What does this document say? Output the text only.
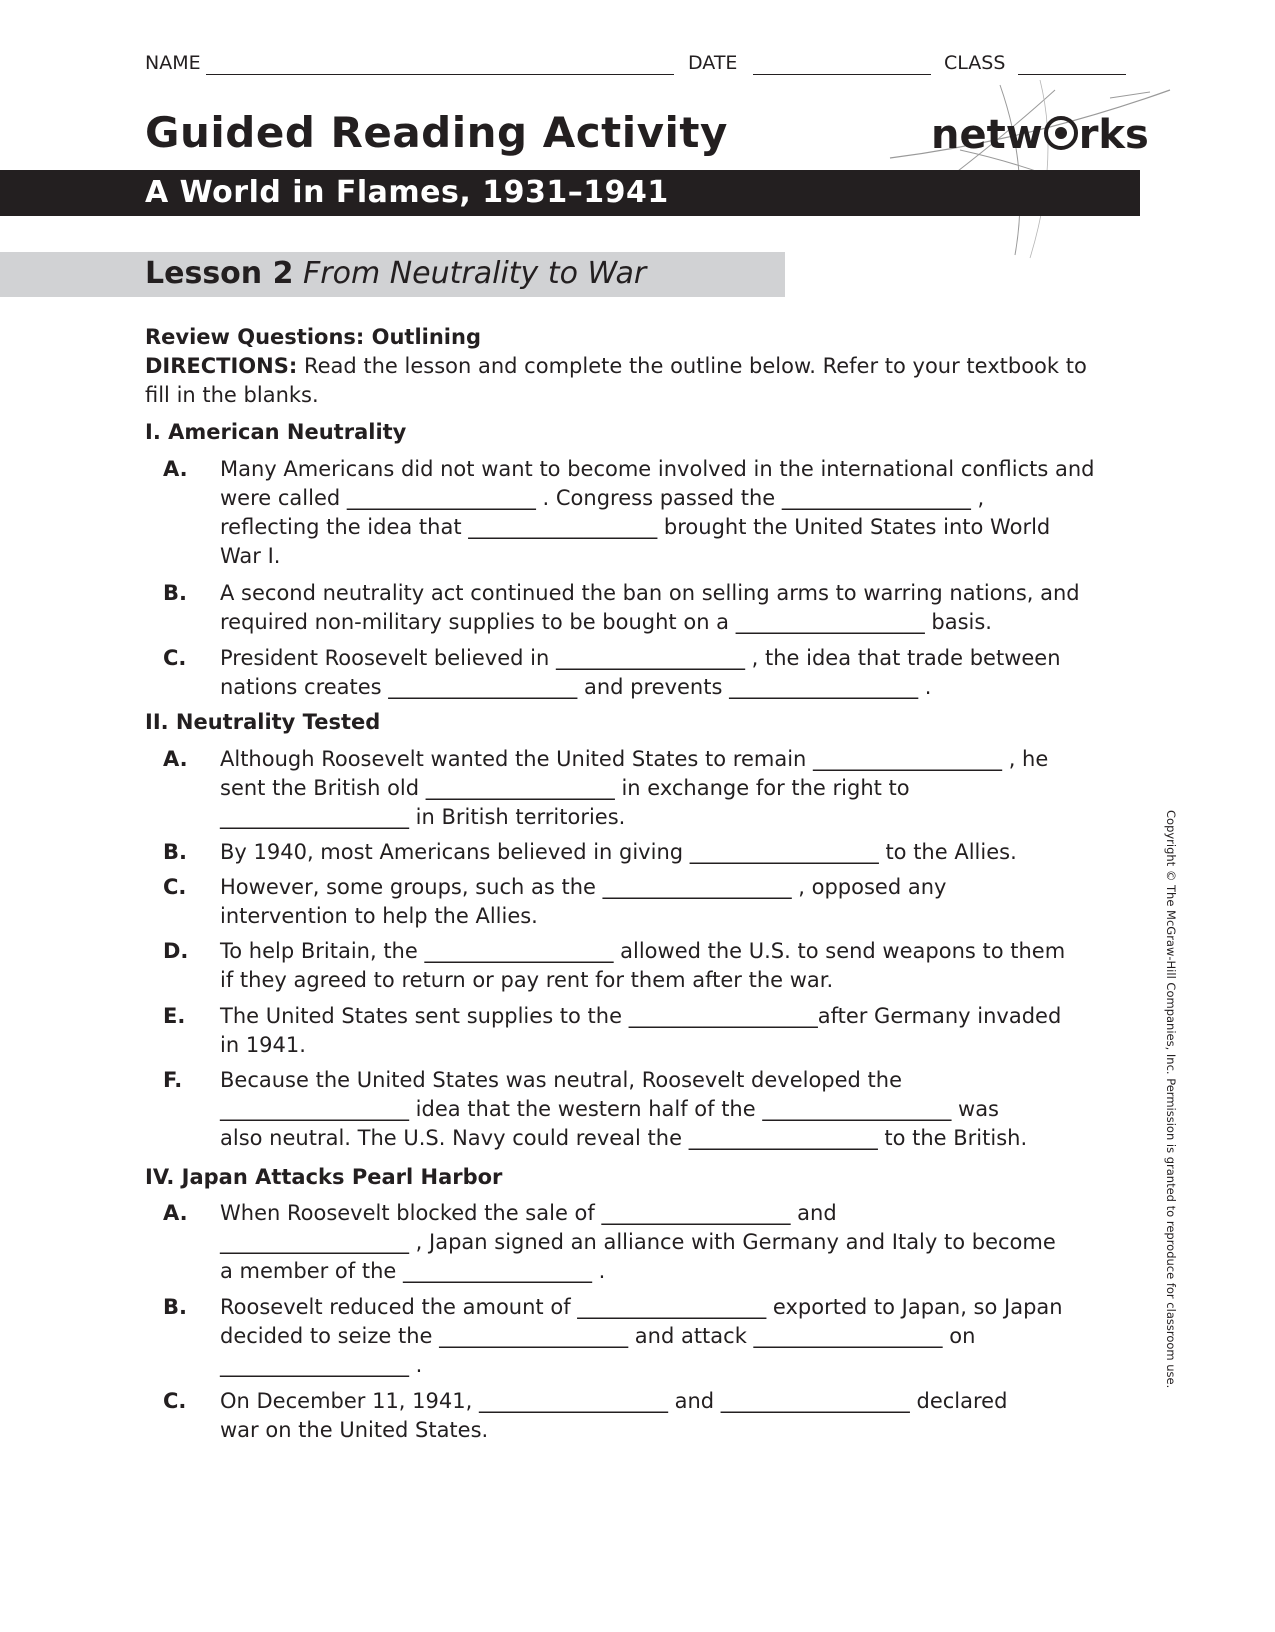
NAME	DATE	CLASS
Guided Reading Activity	netw rks
A World in Flames, 1931–1941
Lesson 2 From Neutrality to War
Review Questions: Outlining
DIRECTIONS: Read the lesson and complete the outline below. Refer to your textbook to
fill in the blanks.
I. American Neutrality
A. Many Americans did not want to become involved in the international conflicts and
were called __________________ . Congress passed the __________________ ,
reflecting the idea that __________________ brought the United States into World
War I.
B. A second neutrality act continued the ban on selling arms to warring nations, and
required non-military supplies to be bought on a __________________ basis.
C. President Roosevelt believed in __________________ , the idea that trade between
nations creates __________________ and prevents __________________ .
II. Neutrality Tested
A. Although Roosevelt wanted the United States to remain __________________ , he
sent the British old __________________ in exchange for the right to
__________________ in British territories.
B. By 1940, most Americans believed in giving __________________ to the Allies.
C. However, some groups, such as the __________________ , opposed any
intervention to help the Allies.
D. To help Britain, the __________________ allowed the U.S. to send weapons to them
if they agreed to return or pay rent for them after the war.
E. The United States sent supplies to the __________________after Germany invaded
in 1941.
F. Because the United States was neutral, Roosevelt developed the
__________________ idea that the western half of the __________________ was
also neutral. The U.S. Navy could reveal the __________________ to the British.
IV. Japan Attacks Pearl Harbor
A. When Roosevelt blocked the sale of __________________ and
__________________ , Japan signed an alliance with Germany and Italy to become
a member of the __________________ .
B. Roosevelt reduced the amount of __________________ exported to Japan, so Japan
decided to seize the __________________ and attack __________________ on
__________________ .
C. On December 11, 1941, __________________ and __________________ declared
war on the United States.
Copyright © The McGraw-Hill Companies, Inc. Permission is granted to reproduce for classroom use.
